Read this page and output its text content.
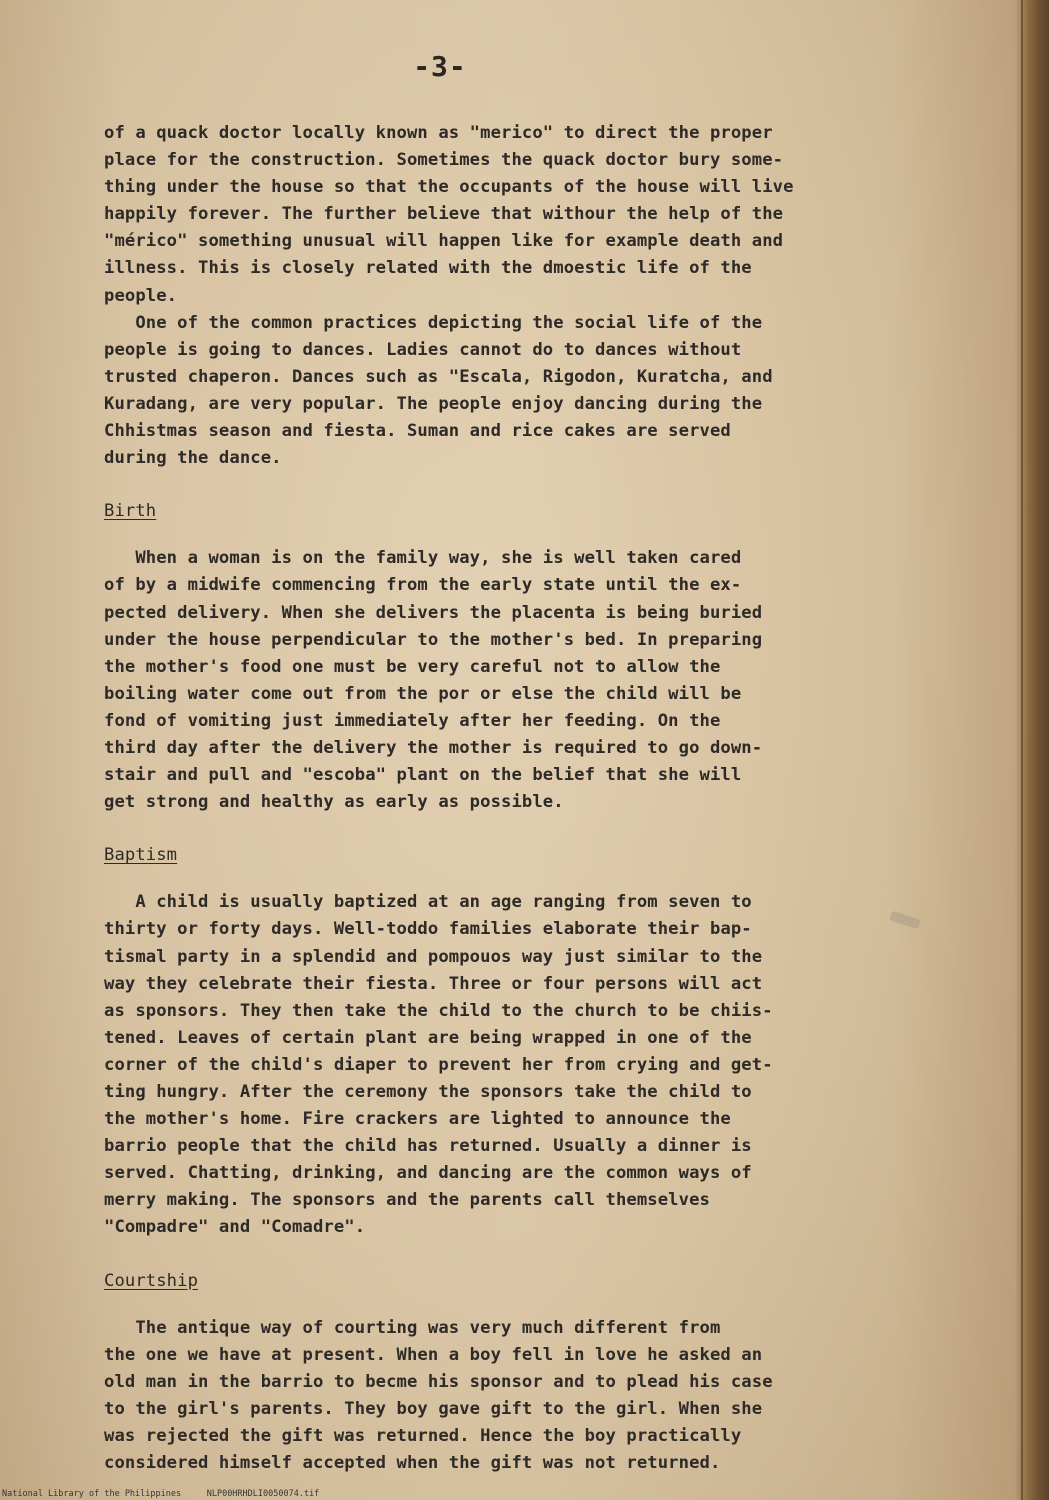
-3-

of a quack doctor locally known as "merico" to direct the proper

place for the construction. Sometimes the quack doctor bury some-

thing under the house so that the occupants of the house will live

happily forever. The further believe that withour the help of the

"mérico" something unusual will happen like for example death and

illness. This is closely related with the dmoestic life of the

people.

One of the common practices depicting the social life of the

people is going to dances. Ladies cannot do to dances without

trusted chaperon. Dances such as "Escala, Rigodon, Kuratcha, and

Kuradang, are very popular. The people enjoy dancing during the

Chhistmas season and fiesta. Suman and rice cakes are served

during the dance.

Birth

When a woman is on the family way, she is well taken cared

of by a midwife commencing from the early state until the ex-

pected delivery. When she delivers the placenta is being buried

under the house perpendicular to the mother's bed. In preparing

the mother's food one must be very careful not to allow the

boiling water come out from the por or else the child will be

fond of vomiting just immediately after her feeding. On the

third day after the delivery the mother is required to go down-

stair and pull and "escoba" plant on the belief that she will

get strong and healthy as early as possible.

Baptism

A child is usually baptized at an age ranging from seven to

thirty or forty days. Well-toddo families elaborate their bap-

tismal party in a splendid and pompouos way just similar to the

way they celebrate their fiesta. Three or four persons will act

as sponsors. They then take the child to the church to be chiis-

tened. Leaves of certain plant are being wrapped in one of the

corner of the child's diaper to prevent her from crying and get-

ting hungry. After the ceremony the sponsors take the child to

the mother's home. Fire crackers are lighted to announce the

barrio people that the child has returned. Usually a dinner is

served. Chatting, drinking, and dancing are the common ways of

merry making. The sponsors and the parents call themselves

"Compadre" and "Comadre".

Courtship

The antique way of courting was very much different from

the one we have at present. When a boy fell in love he asked an

old man in the barrio to becme his sponsor and to plead his case

to the girl's parents. They boy gave gift to the girl. When she

was rejected the gift was returned. Hence the boy practically

considered himself accepted when the gift was not returned.

National Library of the Philippines	NLP00HRHDLI0050074.tif
